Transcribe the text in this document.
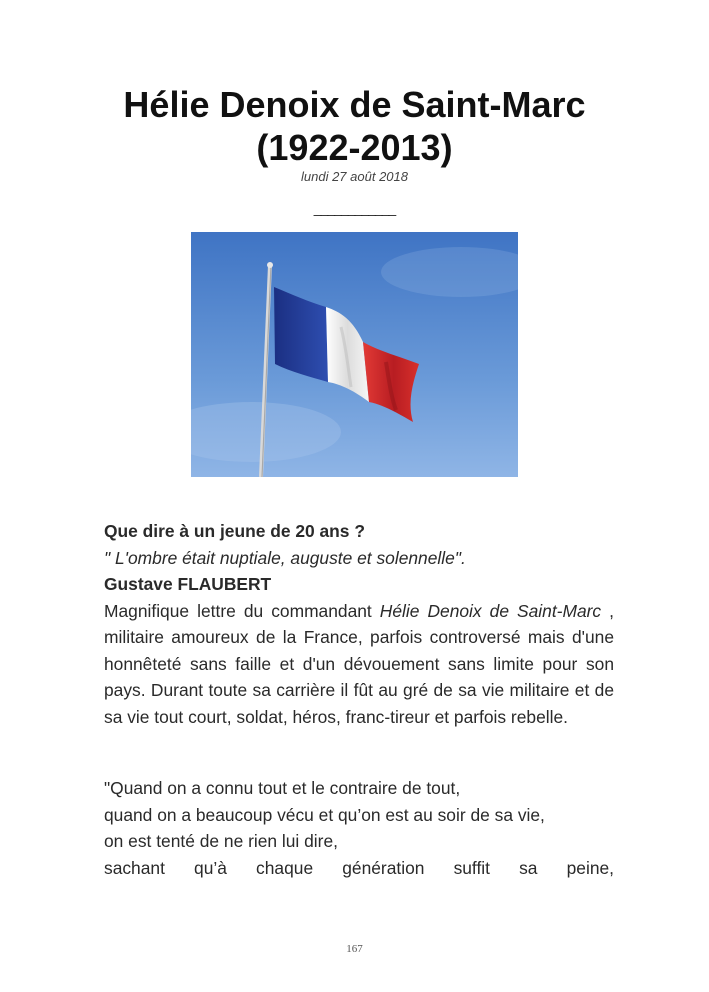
Hélie Denoix de Saint-Marc
(1922-2013)
lundi 27 août 2018
____________
Que dire à un jeune de 20 ans ?
" L'ombre était nuptiale, auguste et solennelle".
Gustave FLAUBERT
Magnifique lettre du commandant Hélie Denoix de Saint-Marc , militaire amoureux de la France, parfois controversé mais d'une honnêteté sans faille et d'un dévouement sans limite pour son pays. Durant toute sa carrière il fût au gré de sa vie militaire et de sa vie tout court, soldat, héros, franc-tireur et parfois rebelle.
"Quand on a connu tout et le contraire de tout,
quand on a beaucoup vécu et qu’on est au soir de sa vie,
on est tenté de ne rien lui dire,
sachant qu’à chaque génération suffit sa peine,
167
